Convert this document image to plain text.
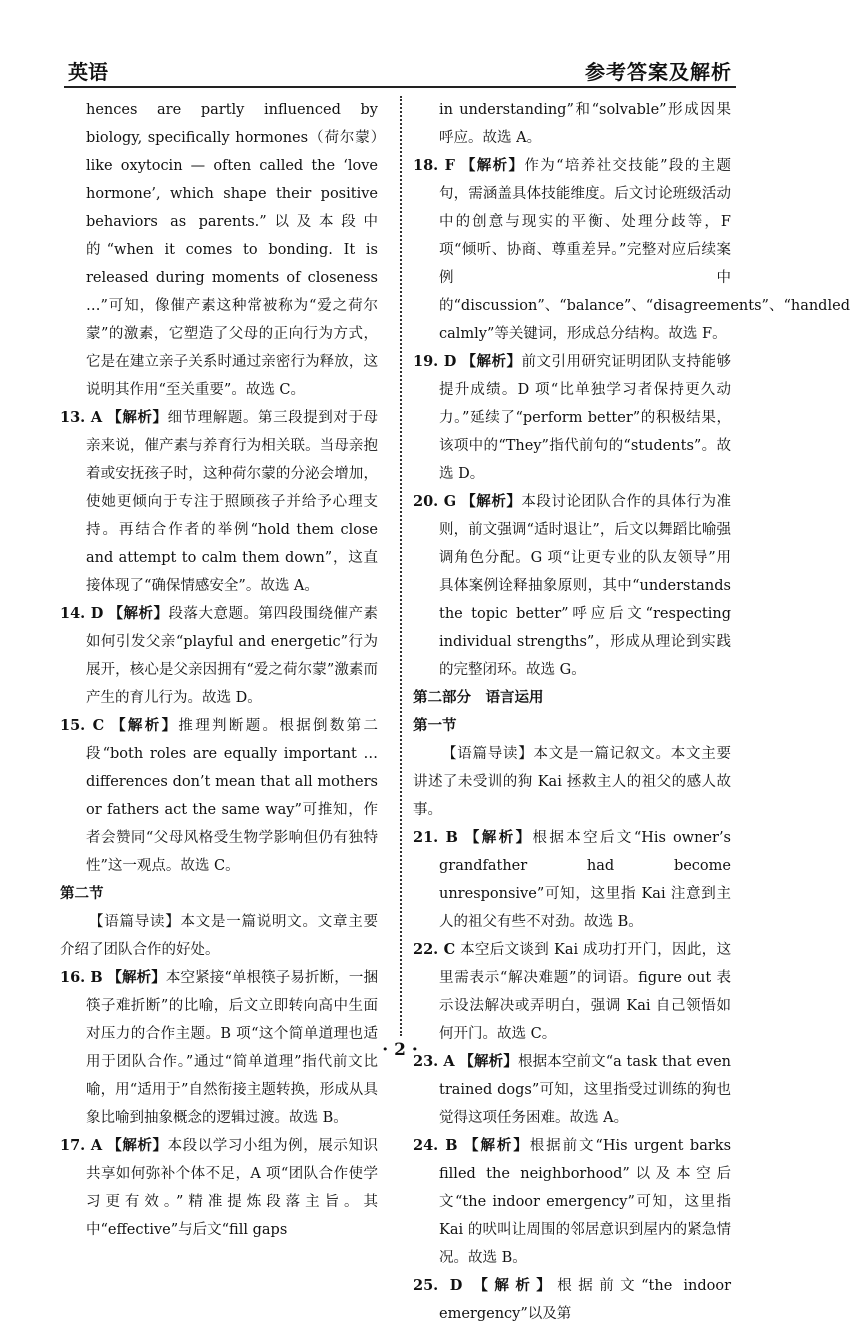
英语	参考答案及解析

hences are partly influenced by biology, specifically hormones（荷尔蒙）like oxytocin — often called the ‘love hormone’, which shape their positive behaviors as parents.”以及本段中的“when it comes to bonding. It is released during moments of closeness …”可知，像催产素这种常被称为“爱之荷尔蒙”的激素，它塑造了父母的正向行为方式，它是在建立亲子关系时通过亲密行为释放，这说明其作用“至关重要”。故选 C。

13. A 【解析】细节理解题。第三段提到对于母亲来说，催产素与养育行为相关联。当母亲抱着或安抚孩子时，这种荷尔蒙的分泌会增加，使她更倾向于专注于照顾孩子并给予心理支持。再结合作者的举例“hold them close and attempt to calm them down”，这直接体现了“确保情感安全”。故选 A。

14. D 【解析】段落大意题。第四段围绕催产素如何引发父亲“playful and energetic”行为展开，核心是父亲因拥有“爱之荷尔蒙”激素而产生的育儿行为。故选 D。

15. C 【解析】推理判断题。根据倒数第二段“both roles are equally important … differences don’t mean that all mothers or fathers act the same way”可推知，作者会赞同“父母风格受生物学影响但仍有独特性”这一观点。故选 C。

第二节

【语篇导读】本文是一篇说明文。文章主要介绍了团队合作的好处。

16. B 【解析】本空紧接“单根筷子易折断，一捆筷子难折断”的比喻，后文立即转向高中生面对压力的合作主题。B 项“这个简单道理也适用于团队合作。”通过“简单道理”指代前文比喻，用“适用于”自然衔接主题转换，形成从具象比喻到抽象概念的逻辑过渡。故选 B。

17. A 【解析】本段以学习小组为例，展示知识共享如何弥补个体不足，A 项“团队合作使学习更有效。”精准提炼段落主旨。其中“effective”与后文“fill gaps

in understanding”和“solvable”形成因果呼应。故选 A。

18. F 【解析】作为“培养社交技能”段的主题句，需涵盖具体技能维度。后文讨论班级活动中的创意与现实的平衡、处理分歧等，F 项“倾听、协商、尊重差异。”完整对应后续案例中的“discussion”、“balance”、“disagreements”、“handled calmly”等关键词，形成总分结构。故选 F。

19. D 【解析】前文引用研究证明团队支持能够提升成绩。D 项“比单独学习者保持更久动力。”延续了“perform better”的积极结果，该项中的“They”指代前句的“students”。故选 D。

20. G 【解析】本段讨论团队合作的具体行为准则，前文强调“适时退让”，后文以舞蹈比喻强调角色分配。G 项“让更专业的队友领导”用具体案例诠释抽象原则，其中“understands the topic better”呼应后文“respecting individual strengths”，形成从理论到实践的完整闭环。故选 G。

第二部分　语言运用

第一节

【语篇导读】本文是一篇记叙文。本文主要讲述了未受训的狗 Kai 拯救主人的祖父的感人故事。

21. B 【解析】根据本空后文“His owner’s grandfather had become unresponsive”可知，这里指 Kai 注意到主人的祖父有些不对劲。故选 B。

22. C 本空后文谈到 Kai 成功打开门，因此，这里需表示“解决难题”的词语。figure out 表示设法解决或弄明白，强调 Kai 自己领悟如何开门。故选 C。

23. A 【解析】根据本空前文“a task that even trained dogs”可知，这里指受过训练的狗也觉得这项任务困难。故选 A。

24. B 【解析】根据前文“His urgent barks filled the neighborhood”以及本空后文“the indoor emergency”可知，这里指 Kai 的吠叫让周围的邻居意识到屋内的紧急情况。故选 B。

25. D 【解析】根据前文“the indoor emergency”以及第

· 2 ·
